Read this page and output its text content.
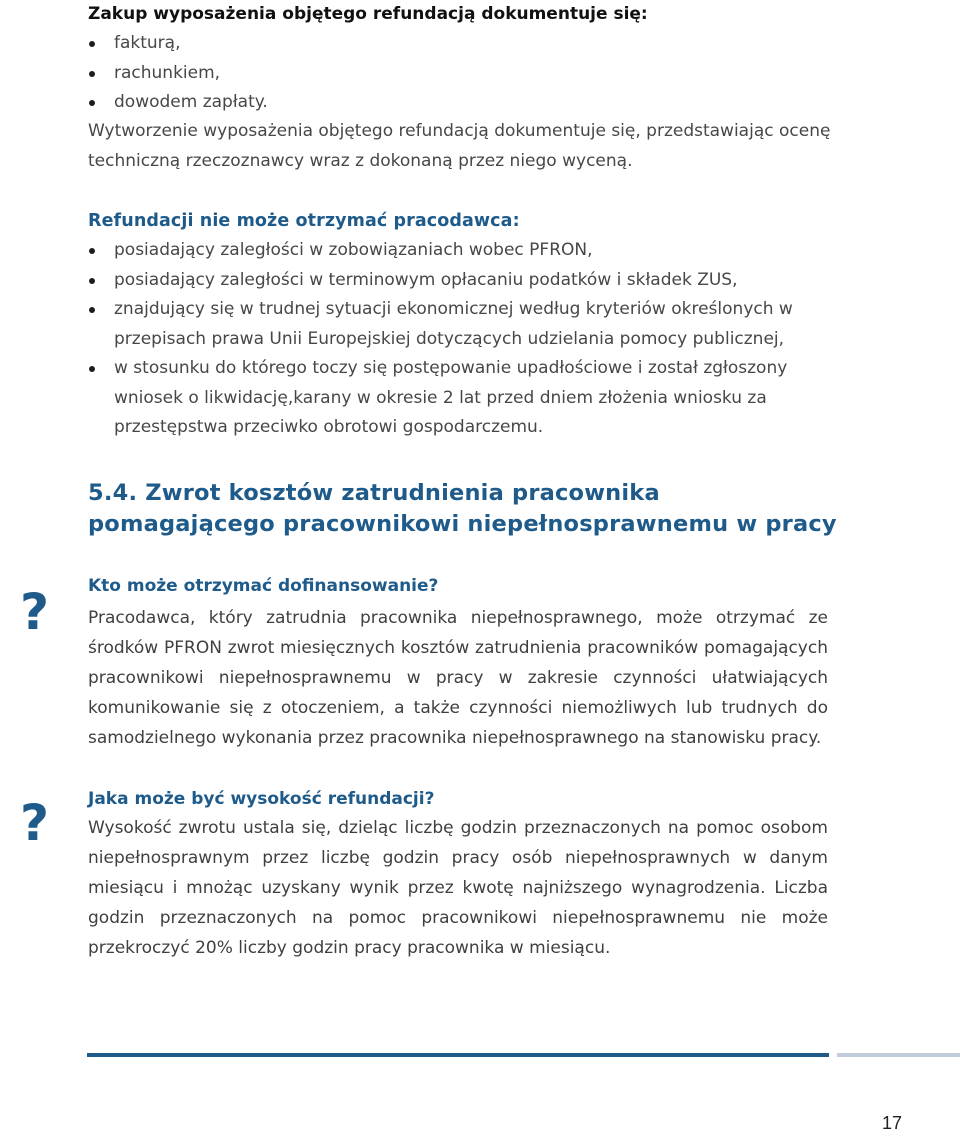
Zakup wyposażenia objętego refundacją dokumentuje się:
fakturą,
rachunkiem,
dowodem zapłaty.
Wytworzenie wyposażenia objętego refundacją dokumentuje się, przedstawiając ocenę techniczną rzeczoznawcy wraz z dokonaną przez niego wyceną.
Refundacji nie może otrzymać pracodawca:
posiadający zaległości w zobowiązaniach wobec PFRON,
posiadający zaległości w terminowym opłacaniu podatków i składek ZUS,
znajdujący się w trudnej sytuacji ekonomicznej według kryteriów określonych w przepisach prawa Unii Europejskiej dotyczących udzielania pomocy publicznej,
w stosunku do którego toczy się postępowanie upadłościowe i został zgłoszony wniosek o likwidację,karany w okresie 2 lat przed dniem złożenia wniosku za przestępstwa przeciwko obrotowi gospodarczemu.
5.4. Zwrot kosztów zatrudnienia pracownika pomagającego pracownikowi niepełnosprawnemu w pracy
? Kto może otrzymać dofinansowanie?
Pracodawca, który zatrudnia pracownika niepełnosprawnego, może otrzymać ze środków PFRON zwrot miesięcznych kosztów zatrudnienia pracowników pomagających pracownikowi niepełnosprawnemu w pracy w zakresie czynności ułatwiających komunikowanie się z otoczeniem, a także czynności niemożliwych lub trudnych do samodzielnego wykonania przez pracownika niepełnosprawnego na stanowisku pracy.
? Jaka może być wysokość refundacji?
Wysokość zwrotu ustala się, dzieląc liczbę godzin przeznaczonych na pomoc osobom niepełnosprawnym przez liczbę godzin pracy osób niepełnosprawnych w danym miesiącu i mnożąc uzyskany wynik przez kwotę najniższego wynagrodzenia. Liczba godzin przeznaczonych na pomoc pracownikowi niepełnosprawnemu nie może przekroczyć 20% liczby godzin pracy pracownika w miesiącu.
17
